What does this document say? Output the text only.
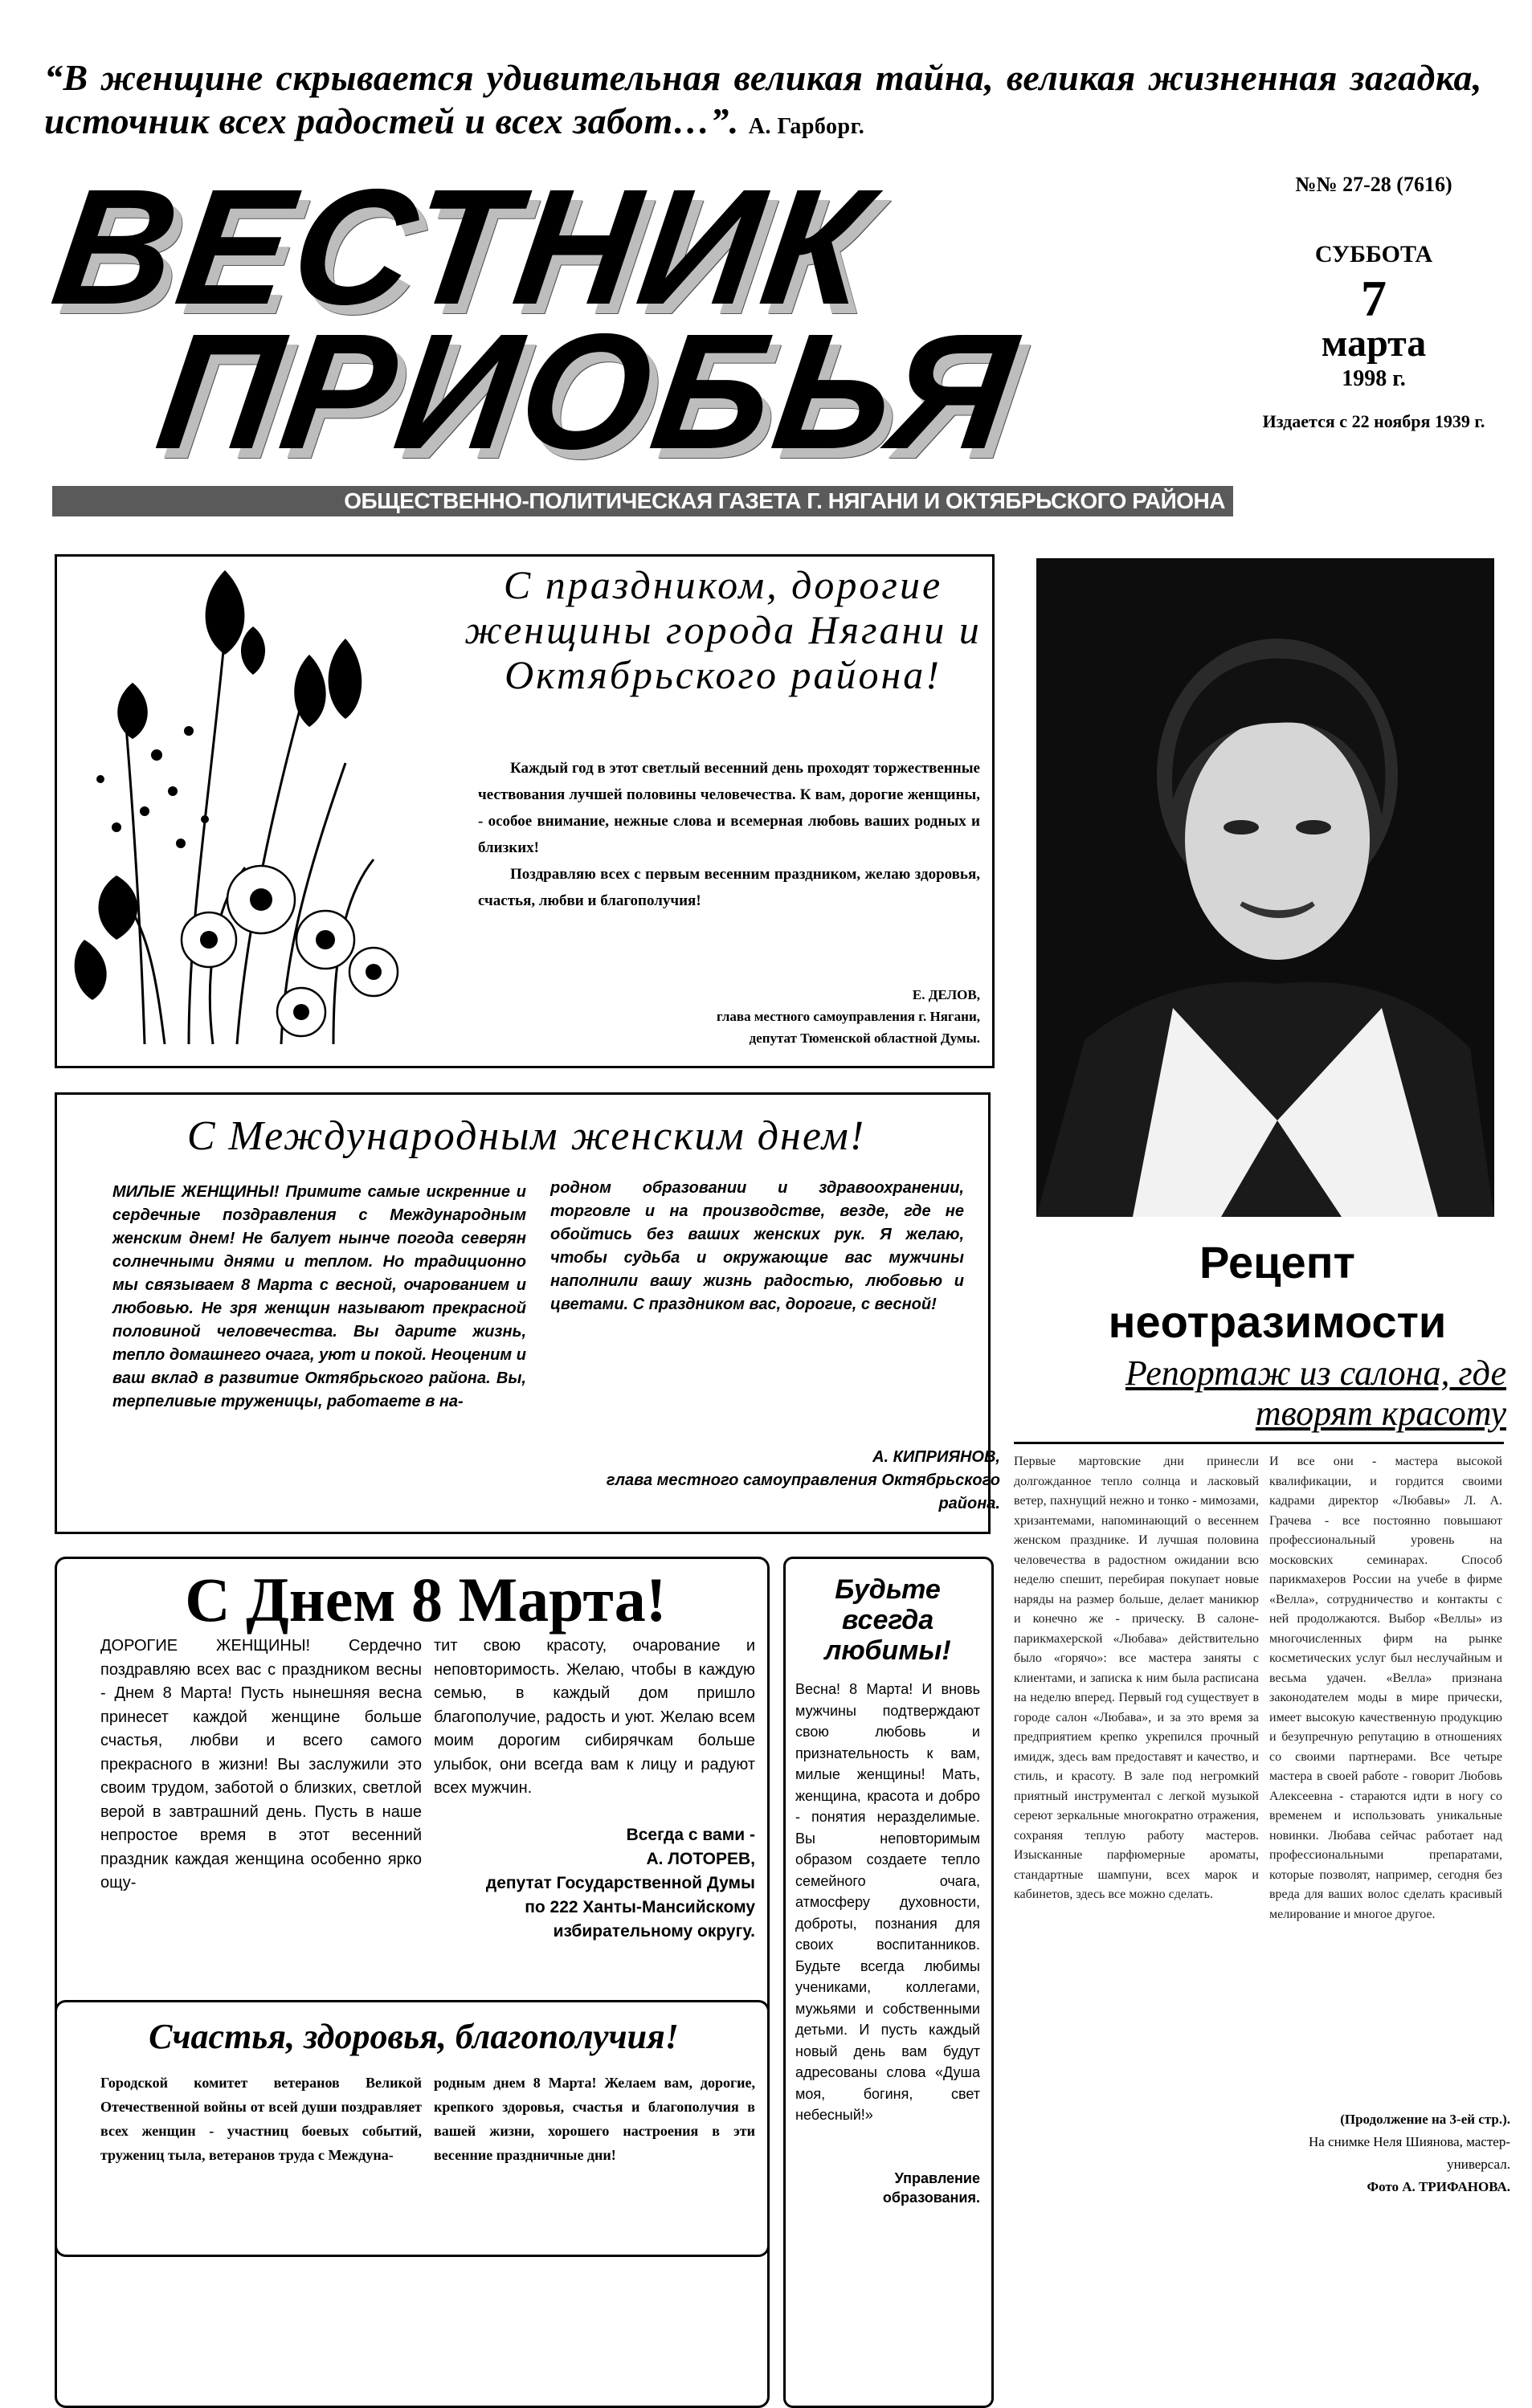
“В женщине скрывается удивительная великая тайна, великая жизненная загадка, источник всех радостей и всех забот…”. А. Гарборг.
ВЕСТНИК
ПРИОБЬЯ
ОБЩЕСТВЕННО-ПОЛИТИЧЕСКАЯ ГАЗЕТА Г. НЯГАНИ И ОКТЯБРЬСКОГО РАЙОНА
№№ 27-28 (7616)
СУББОТА
7
марта
1998 г.
Издается с 22 ноября 1939 г.
С праздником, дорогие женщины города Нягани и Октябрьского района!

Каждый год в этот светлый весенний день проходят торжественные чествования лучшей половины человечества. К вам, дорогие женщины, - особое внимание, нежные слова и всемерная любовь ваших родных и близких!

Поздравляю всех с первым весенним праздником, желаю здоровья, счастья, любви и благополучия!

Е. ДЕЛОВ,
глава местного самоуправления г. Нягани,
депутат Тюменской областной Думы.
С Международным женским днем!
МИЛЫЕ ЖЕНЩИНЫ! Примите самые искренние и сердечные поздравления с Международным женским днем! Не балует нынче погода северян солнечными днями и теплом. Но традиционно мы связываем 8 Марта с весной, очарованием и любовью. Не зря женщин называют прекрасной половиной человечества. Вы дарите жизнь, тепло домашнего очага, уют и покой. Неоценим и ваш вклад в развитие Октябрьского района. Вы, терпеливые труженицы, работаете в на-
родном образовании и здравоохранении, торговле и на производстве, везде, где не обойтись без ваших женских рук. Я желаю, чтобы судьба и окружающие вас мужчины наполнили вашу жизнь радостью, любовью и цветами. С праздником вас, дорогие, с весной!
А. КИПРИЯНОВ,
глава местного самоуправления Октябрьского района.
Рецепт неотразимости
Репортаж из салона, где творят красоту
Первые мартовские дни принесли долгожданное тепло солнца и ласковый ветер, пахнущий нежно и тонко - мимозами, хризантемами, напоминающий о весеннем женском празднике. И лучшая половина человечества в радостном ожидании всю неделю спешит, перебирая покупает новые наряды на размер больше, делает маникюр и конечно же - прическу. В салоне-парикмахерской «Любава» действительно было «горячо»: все мастера заняты с клиентами, и записка к ним была расписана на неделю вперед. Первый год существует в городе салон «Любава», и за это время за предприятием крепко укрепился прочный имидж, здесь вам предоставят и качество, и стиль, и красоту. В зале под негромкий приятный инструментал с легкой музыкой сереют зеркальные многократно отражения, сохраняя теплую работу мастеров. Изысканные парфюмерные ароматы, стандартные шампуни, всех марок и кабинетов, здесь все можно сделать.
И все они - мастера высокой квалификации, и гордится своими кадрами директор «Любавы» Л. А. Грачева - все постоянно повышают профессиональный уровень на московских семинарах. Способ парикмахеров России на учебе в фирме «Велла», сотрудничество и контакты с ней продолжаются. Выбор «Веллы» из многочисленных фирм на рынке косметических услуг был неслучайным и весьма удачен. «Велла» признана законодателем моды в мире прически, имеет высокую качественную продукцию и безупречную репутацию в отношениях со своими партнерами. Все четыре мастера в своей работе - говорит Любовь Алексеевна - стараются идти в ногу со временем и использовать уникальные новинки. Любава сейчас работает над профессиональными препаратами, которые позволят, например, сегодня без вреда для ваших волос сделать красивый мелирование и многое другое.
(Продолжение на 3-ей стр.).
На снимке Неля Шиянова, мастер-универсал.
Фото А. ТРИФАНОВА.
С Днем 8 Марта!
ДОРОГИЕ ЖЕНЩИНЫ! Сердечно поздравляю всех вас с праздником весны - Днем 8 Марта! Пусть нынешняя весна принесет каждой женщине больше счастья, любви и всего самого прекрасного в жизни! Вы заслужили это своим трудом, заботой о близких, светлой верой в завтрашний день. Пусть в наше непростое время в этот весенний праздник каждая женщина особенно ярко ощу-
тит свою красоту, очарование и неповторимость. Желаю, чтобы в каждую семью, в каждый дом пришло благополучие, радость и уют. Желаю всем моим дорогим сибирячкам больше улыбок, они всегда вам к лицу и радуют всех мужчин.
Всегда с вами -
А. ЛОТОРЕВ,
депутат Государственной Думы
по 222 Ханты-Мансийскому избирательному округу.
Будьте всегда любимы!
Весна! 8 Марта! И вновь мужчины подтверждают свою любовь и признательность к вам, милые женщины! Мать, женщина, красота и добро - понятия неразделимые. Вы неповторимым образом создаете тепло семейного очага, атмосферу духовности, доброты, познания для своих воспитанников. Будьте всегда любимы учениками, коллегами, мужьями и собственными детьми. И пусть каждый новый день вам будут адресованы слова «Душа моя, богиня, свет небесный!»
Управление
образования.
Счастья, здоровья, благополучия!
Городской комитет ветеранов Великой Отечественной войны от всей души поздравляет всех женщин - участниц боевых событий, тружениц тыла, ветеранов труда с Междуна-
родным днем 8 Марта! Желаем вам, дорогие, крепкого здоровья, счастья и благополучия в вашей жизни, хорошего настроения в эти весенние праздничные дни!
